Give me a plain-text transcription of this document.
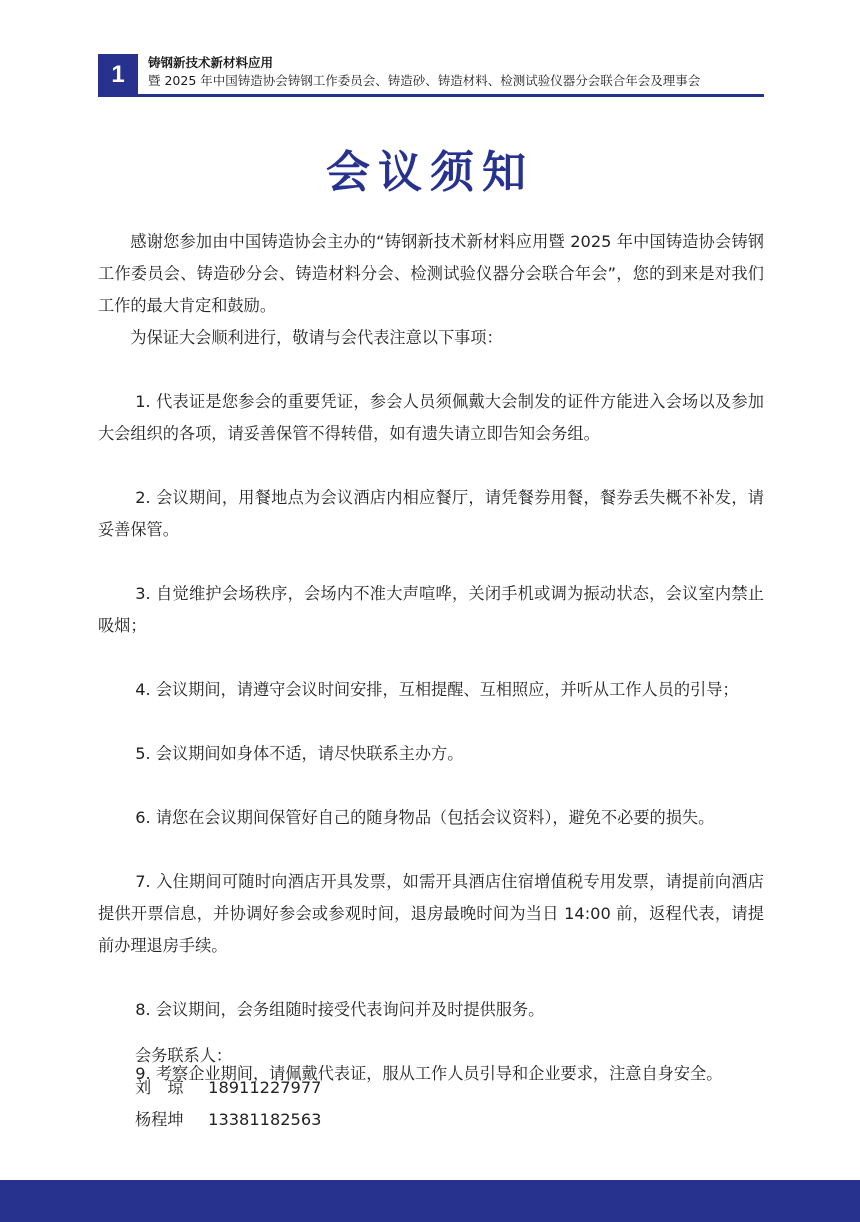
1	铸钢新技术新材料应用
暨 2025 年中国铸造协会铸钢工作委员会、铸造砂、铸造材料、检测试验仪器分会联合年会及理事会
会议须知

感谢您参加由中国铸造协会主办的“铸钢新技术新材料应用暨 2025 年中国铸造协会铸钢工作委员会、铸造砂分会、铸造材料分会、检测试验仪器分会联合年会”，您的到来是对我们工作的最大肯定和鼓励。

为保证大会顺利进行，敬请与会代表注意以下事项：

1. 代表证是您参会的重要凭证，参会人员须佩戴大会制发的证件方能进入会场以及参加大会组织的各项，请妥善保管不得转借，如有遗失请立即告知会务组。

2. 会议期间，用餐地点为会议酒店内相应餐厅，请凭餐券用餐，餐券丢失概不补发，请妥善保管。

3. 自觉维护会场秩序，会场内不准大声喧哗，关闭手机或调为振动状态，会议室内禁止吸烟；

4. 会议期间，请遵守会议时间安排，互相提醒、互相照应，并听从工作人员的引导；

5. 会议期间如身体不适，请尽快联系主办方。

6. 请您在会议期间保管好自己的随身物品（包括会议资料），避免不必要的损失。

7. 入住期间可随时向酒店开具发票，如需开具酒店住宿增值税专用发票，请提前向酒店提供开票信息，并协调好参会或参观时间，退房最晚时间为当日 14:00 前，返程代表，请提前办理退房手续。

8. 会议期间，会务组随时接受代表询问并及时提供服务。

9. 考察企业期间，请佩戴代表证，服从工作人员引导和企业要求，注意自身安全。

会务联系人：
刘　琼 18911227977
杨程坤 13381182563
